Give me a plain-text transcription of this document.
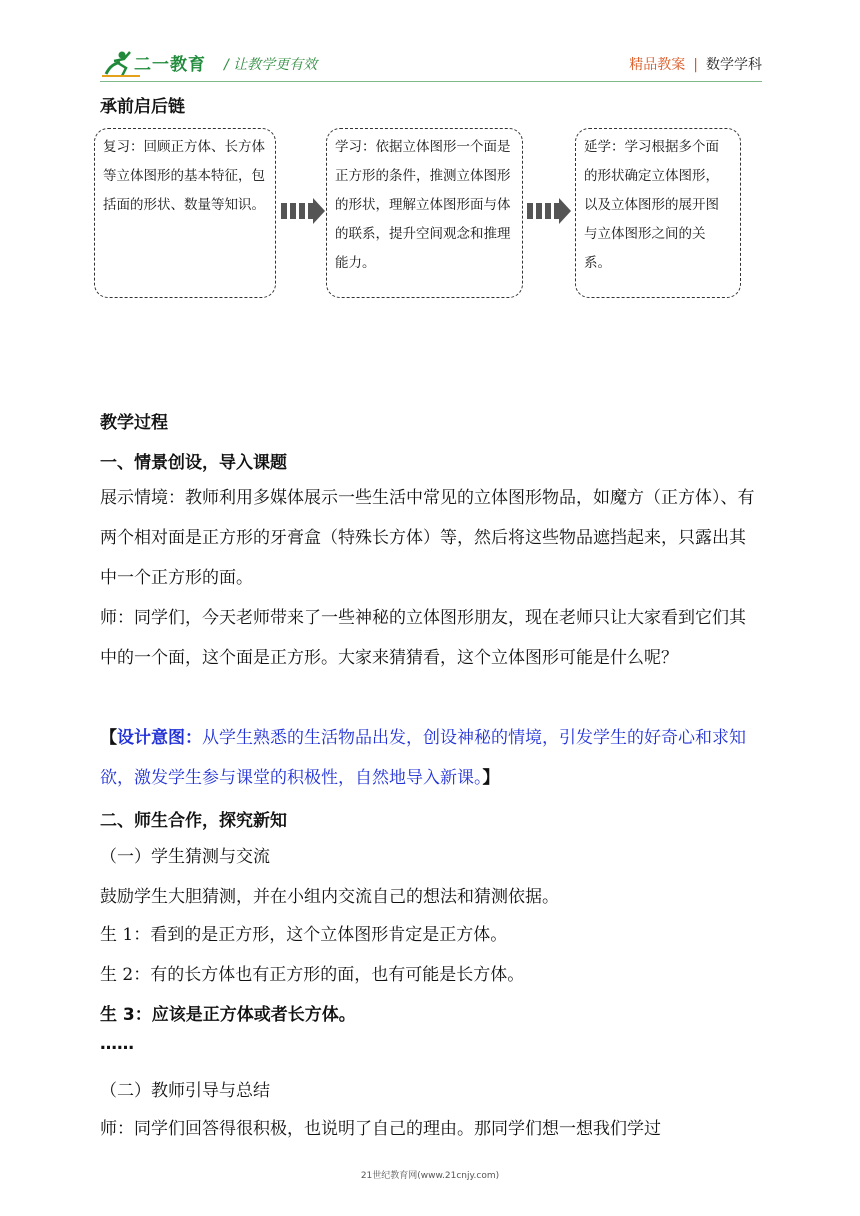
二一教育 / 让教学更有效	精品教案 | 数学学科
承前启后链
复习：回顾正方体、长方体等立体图形的基本特征，包括面的形状、数量等知识。
学习：依据立体图形一个面是正方形的条件，推测立体图形的形状，理解立体图形面与体的联系，提升空间观念和推理能力。
延学：学习根据多个面的形状确定立体图形，以及立体图形的展开图与立体图形之间的关系。
教学过程
一、情景创设，导入课题
展示情境：教师利用多媒体展示一些生活中常见的立体图形物品，如魔方（正方体）、有两个相对面是正方形的牙膏盒（特殊长方体）等，然后将这些物品遮挡起来，只露出其中一个正方形的面。
师：同学们，今天老师带来了一些神秘的立体图形朋友，现在老师只让大家看到它们其中的一个面，这个面是正方形。大家来猜猜看，这个立体图形可能是什么呢？
【设计意图：从学生熟悉的生活物品出发，创设神秘的情境，引发学生的好奇心和求知欲，激发学生参与课堂的积极性，自然地导入新课。】
二、师生合作，探究新知
（一）学生猜测与交流
鼓励学生大胆猜测，并在小组内交流自己的想法和猜测依据。
生 1：看到的是正方形，这个立体图形肯定是正方体。
生 2：有的长方体也有正方形的面，也有可能是长方体。
生 3：应该是正方体或者长方体。
……
（二）教师引导与总结
师：同学们回答得很积极，也说明了自己的理由。那同学们想一想我们学过
21世纪教育网(www.21cnjy.com)
